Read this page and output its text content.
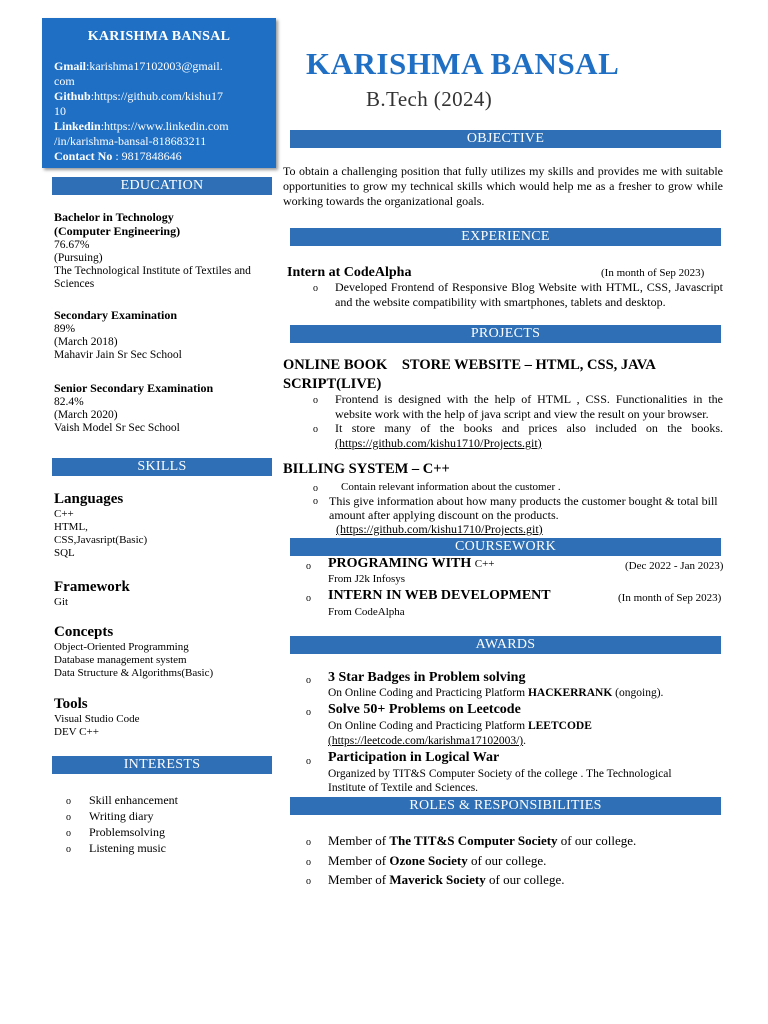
KARISHMA BANSAL
Gmail:karishma17102003@gmail.
com
Github:https://github.com/kishu17
10
Linkedin:https://www.linkedin.com
/in/karishma-bansal-818683211
Contact No : 9817848646
EDUCATION
Bachelor in Technology
(Computer Engineering)
76.67%
(Pursuing)
The Technological Institute of Textiles and
Sciences
Secondary Examination
89%
(March 2018)
Mahavir Jain Sr Sec School
Senior Secondary Examination
82.4%
(March 2020)
Vaish Model Sr Sec School
SKILLS
Languages
C++
HTML,
CSS,Javasript(Basic)
SQL
Framework
Git
Concepts
Object-Oriented Programming
Database management system
Data Structure & Algorithms(Basic)
Tools
Visual Studio Code
DEV C++
INTERESTS
o Skill enhancement
o Writing diary
o Problemsolving
o Listening music
KARISHMA BANSAL
B.Tech (2024)
OBJECTIVE
To obtain a challenging position that fully utilizes my skills and provides me with suitable opportunities to grow my technical skills which would help me as a fresher to grow while working towards the organizational goals.
EXPERIENCE
Intern at CodeAlpha	(In month of Sep 2023)
o Developed Frontend of Responsive Blog Website with HTML, CSS, Javascript and the website compatibility with smartphones, tablets and desktop.
PROJECTS
ONLINE BOOK    STORE WEBSITE – HTML, CSS, JAVA
SCRIPT(LIVE)
o Frontend is designed with the help of HTML , CSS. Functionalities in the website work with the help of java script and view the result on your browser.
o It store many of the books and prices also included on the books.(https://github.com/kishu1710/Projects.git)
BILLING SYSTEM – C++
o Contain relevant information about the customer .
o This give information about how many products the customer bought & total bill amount after applying discount on the products.
(https://github.com/kishu1710/Projects.git)
COURSEWORK
o PROGRAMING WITH C++	(Dec 2022 - Jan 2023)
From J2k Infosys
o INTERN IN WEB DEVELOPMENT	(In month of Sep 2023)
From CodeAlpha
AWARDS
o 3 Star Badges in Problem solving
On Online Coding and Practicing Platform HACKERRANK (ongoing).
o Solve 50+ Problems on Leetcode
On Online Coding and Practicing Platform LEETCODE
(https://leetcode.com/karishma17102003/).
o Participation in Logical War
Organized by TIT&S Computer Society of the college . The Technological
Institute of Textile and Sciences.
ROLES & RESPONSIBILITIES
o Member of The TIT&S Computer Society of our college.
o Member of Ozone Society of our college.
o Member of Maverick Society of our college.
